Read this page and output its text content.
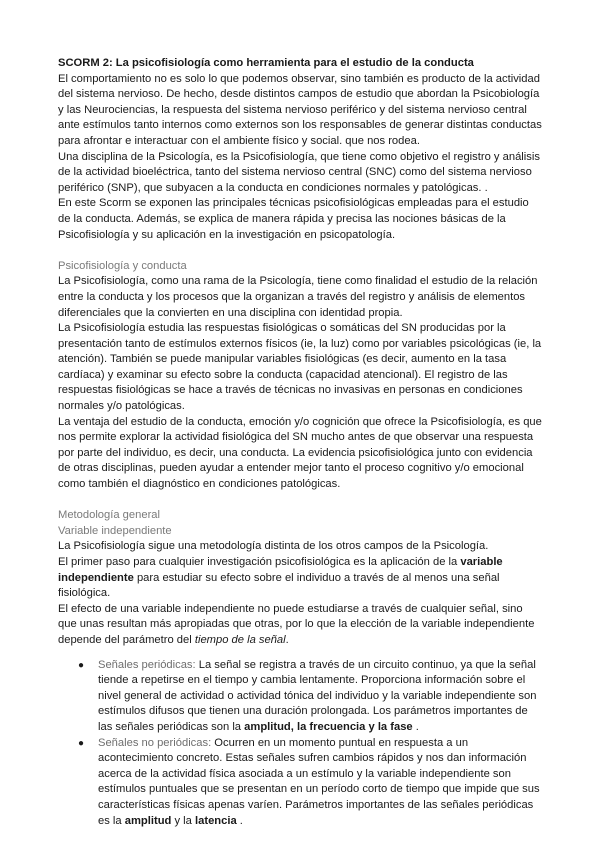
SCORM 2: La psicofisiología como herramienta para el estudio de la conducta

El comportamiento no es solo lo que podemos observar, sino también es producto de la actividad del sistema nervioso. De hecho, desde distintos campos de estudio que abordan la Psicobiología y las Neurociencias, la respuesta del sistema nervioso periférico y del sistema nervioso central ante estímulos tanto internos como externos son los responsables de generar distintas conductas para afrontar e interactuar con el ambiente físico y social. que nos rodea.

Una disciplina de la Psicología, es la Psicofisiología, que tiene como objetivo el registro y análisis de la actividad bioeléctrica, tanto del sistema nervioso central (SNC) como del sistema nervioso periférico (SNP), que subyacen a la conducta en condiciones normales y patológicas. .

En este Scorm se exponen las principales técnicas psicofisiológicas empleadas para el estudio de la conducta. Además, se explica de manera rápida y precisa las nociones básicas de la Psicofisiología y su aplicación en la investigación en psicopatología.

Psicofisiología y conducta

La Psicofisiología, como una rama de la Psicología, tiene como finalidad el estudio de la relación entre la conducta y los procesos que la organizan a través del registro y análisis de elementos diferenciales que la convierten en una disciplina con identidad propia.

La Psicofisiología estudia las respuestas fisiológicas o somáticas del SN producidas por la presentación tanto de estímulos externos físicos (ie, la luz) como por variables psicológicas (ie, la atención). También se puede manipular variables fisiológicas (es decir, aumento en la tasa cardíaca) y examinar su efecto sobre la conducta (capacidad atencional). El registro de las respuestas fisiológicas se hace a través de técnicas no invasivas en personas en condiciones normales y/o patológicas.

La ventaja del estudio de la conducta, emoción y/o cognición que ofrece la Psicofisiología, es que nos permite explorar la actividad fisiológica del SN mucho antes de que observar una respuesta por parte del individuo, es decir, una conducta. La evidencia psicofisiológica junto con evidencia de otras disciplinas, pueden ayudar a entender mejor tanto el proceso cognitivo y/o emocional como también el diagnóstico en condiciones patológicas.

Metodología general

Variable independiente

La Psicofisiología sigue una metodología distinta de los otros campos de la Psicología.

El primer paso para cualquier investigación psicofisiológica es la aplicación de la variable independiente para estudiar su efecto sobre el individuo a través de al menos una señal fisiológica.

El efecto de una variable independiente no puede estudiarse a través de cualquier señal, sino que unas resultan más apropiadas que otras, por lo que la elección de la variable independiente depende del parámetro del tiempo de la señal.

● Señales periódicas: La señal se registra a través de un circuito continuo, ya que la señal tiende a repetirse en el tiempo y cambia lentamente. Proporciona información sobre el nivel general de actividad o actividad tónica del individuo y la variable independiente son estímulos difusos que tienen una duración prolongada. Los parámetros importantes de las señales periódicas son la amplitud, la frecuencia y la fase .
● Señales no periódicas: Ocurren en un momento puntual en respuesta a un acontecimiento concreto. Estas señales sufren cambios rápidos y nos dan información acerca de la actividad física asociada a un estímulo y la variable independiente son estímulos puntuales que se presentan en un período corto de tiempo que impide que sus características físicas apenas varíen. Parámetros importantes de las señales periódicas es la amplitud y la latencia .
